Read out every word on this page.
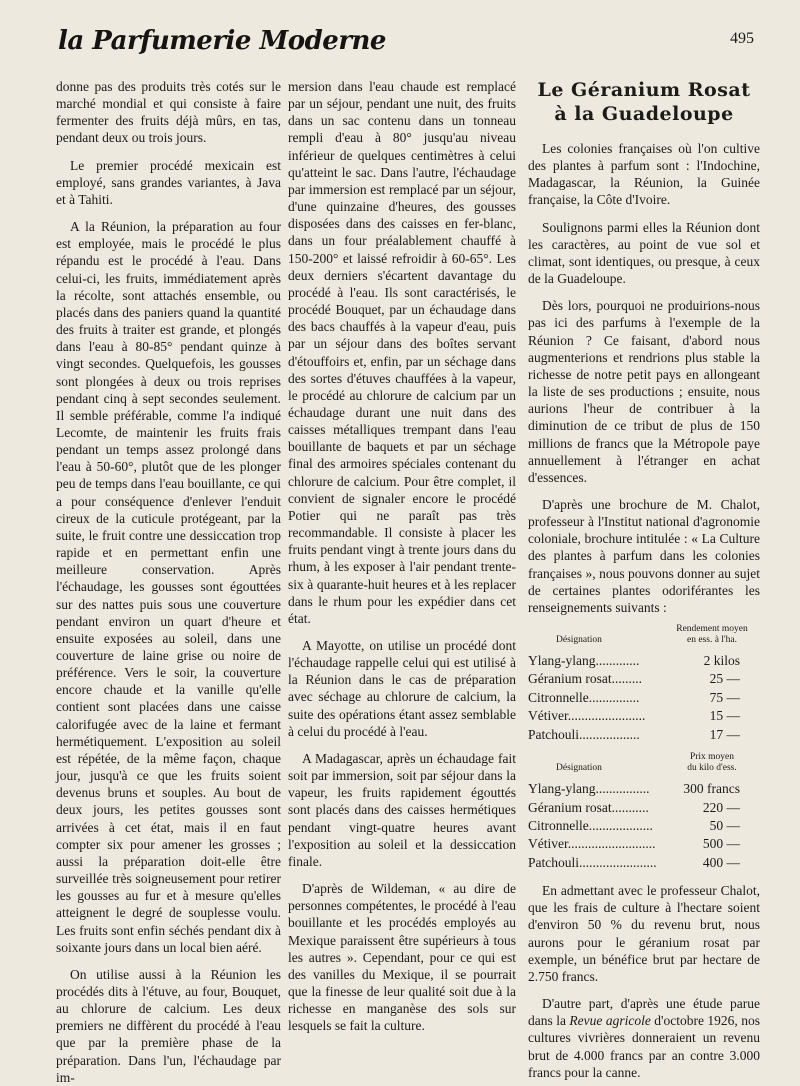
la Parfumerie Moderne	495

donne pas des produits très cotés sur le marché mondial et qui consiste à faire fermenter des fruits déjà mûrs, en tas, pendant deux ou trois jours.

Le premier procédé mexicain est employé, sans grandes variantes, à Java et à Tahiti.

A la Réunion, la préparation au four est employée, mais le procédé le plus répandu est le procédé à l'eau. Dans celui-ci, les fruits, immédiatement après la récolte, sont attachés ensemble, ou placés dans des paniers quand la quantité des fruits à traiter est grande, et plongés dans l'eau à 80-85° pendant quinze à vingt secondes. Quelquefois, les gousses sont plongées à deux ou trois reprises pendant cinq à sept secondes seulement. Il semble préférable, comme l'a indiqué Lecomte, de maintenir les fruits frais pendant un temps assez prolongé dans l'eau à 50-60°, plutôt que de les plonger peu de temps dans l'eau bouillante, ce qui a pour conséquence d'enlever l'enduit cireux de la cuticule protégeant, par la suite, le fruit contre une dessiccation trop rapide et en permettant enfin une meilleure conservation. Après l'échaudage, les gousses sont égouttées sur des nattes puis sous une couverture pendant environ un quart d'heure et ensuite exposées au soleil, dans une couverture de laine grise ou noire de préférence. Vers le soir, la couverture encore chaude et la vanille qu'elle contient sont placées dans une caisse calorifugée avec de la laine et fermant hermétiquement. L'exposition au soleil est répétée, de la même façon, chaque jour, jusqu'à ce que les fruits soient devenus bruns et souples. Au bout de deux jours, les petites gousses sont arrivées à cet état, mais il en faut compter six pour amener les grosses ; aussi la préparation doit-elle être surveillée très soigneusement pour retirer les gousses au fur et à mesure qu'elles atteignent le degré de souplesse voulu. Les fruits sont enfin séchés pendant dix à soixante jours dans un local bien aéré.

On utilise aussi à la Réunion les procédés dits à l'étuve, au four, Bouquet, au chlorure de calcium. Les deux premiers ne diffèrent du procédé à l'eau que par la première phase de la préparation. Dans l'un, l'échaudage par im-

mersion dans l'eau chaude est remplacé par un séjour, pendant une nuit, des fruits dans un sac contenu dans un tonneau rempli d'eau à 80° jusqu'au niveau inférieur de quelques centimètres à celui qu'atteint le sac. Dans l'autre, l'échaudage par immersion est remplacé par un séjour, d'une quinzaine d'heures, des gousses disposées dans des caisses en fer-blanc, dans un four préalablement chauffé à 150-200° et laissé refroidir à 60-65°. Les deux derniers s'écartent davantage du procédé à l'eau. Ils sont caractérisés, le procédé Bouquet, par un échaudage dans des bacs chauffés à la vapeur d'eau, puis par un séjour dans des boîtes servant d'étouffoirs et, enfin, par un séchage dans des sortes d'étuves chauffées à la vapeur, le procédé au chlorure de calcium par un échaudage durant une nuit dans des caisses métalliques trempant dans l'eau bouillante de baquets et par un séchage final des armoires spéciales contenant du chlorure de calcium. Pour être complet, il convient de signaler encore le procédé Potier qui ne paraît pas très recommandable. Il consiste à placer les fruits pendant vingt à trente jours dans du rhum, à les exposer à l'air pendant trente-six à quarante-huit heures et à les replacer dans le rhum pour les expédier dans cet état.

A Mayotte, on utilise un procédé dont l'échaudage rappelle celui qui est utilisé à la Réunion dans le cas de préparation avec séchage au chlorure de calcium, la suite des opérations étant assez semblable à celui du procédé à l'eau.

A Madagascar, après un échaudage fait soit par immersion, soit par séjour dans la vapeur, les fruits rapidement égouttés sont placés dans des caisses hermétiques pendant vingt-quatre heures avant l'exposition au soleil et la dessiccation finale.

D'après de Wildeman, « au dire de personnes compétentes, le procédé à l'eau bouillante et les procédés employés au Mexique paraissent être supérieurs à tous les autres ». Cependant, pour ce qui est des vanilles du Mexique, il se pourrait que la finesse de leur qualité soit due à la richesse en manganèse des sols sur lesquels se fait la culture.

Le Géranium Rosat
à la Guadeloupe

Les colonies françaises où l'on cultive des plantes à parfum sont : l'Indochine, Madagascar, la Réunion, la Guinée française, la Côte d'Ivoire.

Soulignons parmi elles la Réunion dont les caractères, au point de vue sol et climat, sont identiques, ou presque, à ceux de la Guadeloupe.

Dès lors, pourquoi ne produirions-nous pas ici des parfums à l'exemple de la Réunion ? Ce faisant, d'abord nous augmenterions et rendrions plus stable la richesse de notre petit pays en allongeant la liste de ses productions ; ensuite, nous aurions l'heur de contribuer à la diminution de ce tribut de plus de 150 millions de francs que la Métropole paye annuellement à l'étranger en achat d'essences.

D'après une brochure de M. Chalot, professeur à l'Institut national d'agronomie coloniale, brochure intitulée : « La Culture des plantes à parfum dans les colonies françaises », nous pouvons donner au sujet de certaines plantes odoriférantes les renseignements suivants :

Désignation
Rendement moyen
en ess. à l'ha.
Ylang-ylang.............	2 kilos
Géranium rosat.........	25 —
Citronnelle...............	75 —
Vétiver.......................	15 —
Patchouli..................	17 —
Désignation
Prix moyen
du kilo d'ess.
Ylang-ylang................	300 francs
Géranium rosat...........	220 —
Citronnelle...................	50 —
Vétiver..........................	500 —
Patchouli.......................	400 —

En admettant avec le professeur Chalot, que les frais de culture à l'hectare soient d'environ 50 % du revenu brut, nous aurons pour le géranium rosat par exemple, un bénéfice brut par hectare de 2.750 francs.

D'autre part, d'après une étude parue dans la Revue agricole d'octobre 1926, nos cultures vivrières donneraient un revenu brut de 4.000 francs par an contre 3.000 francs pour la canne.
